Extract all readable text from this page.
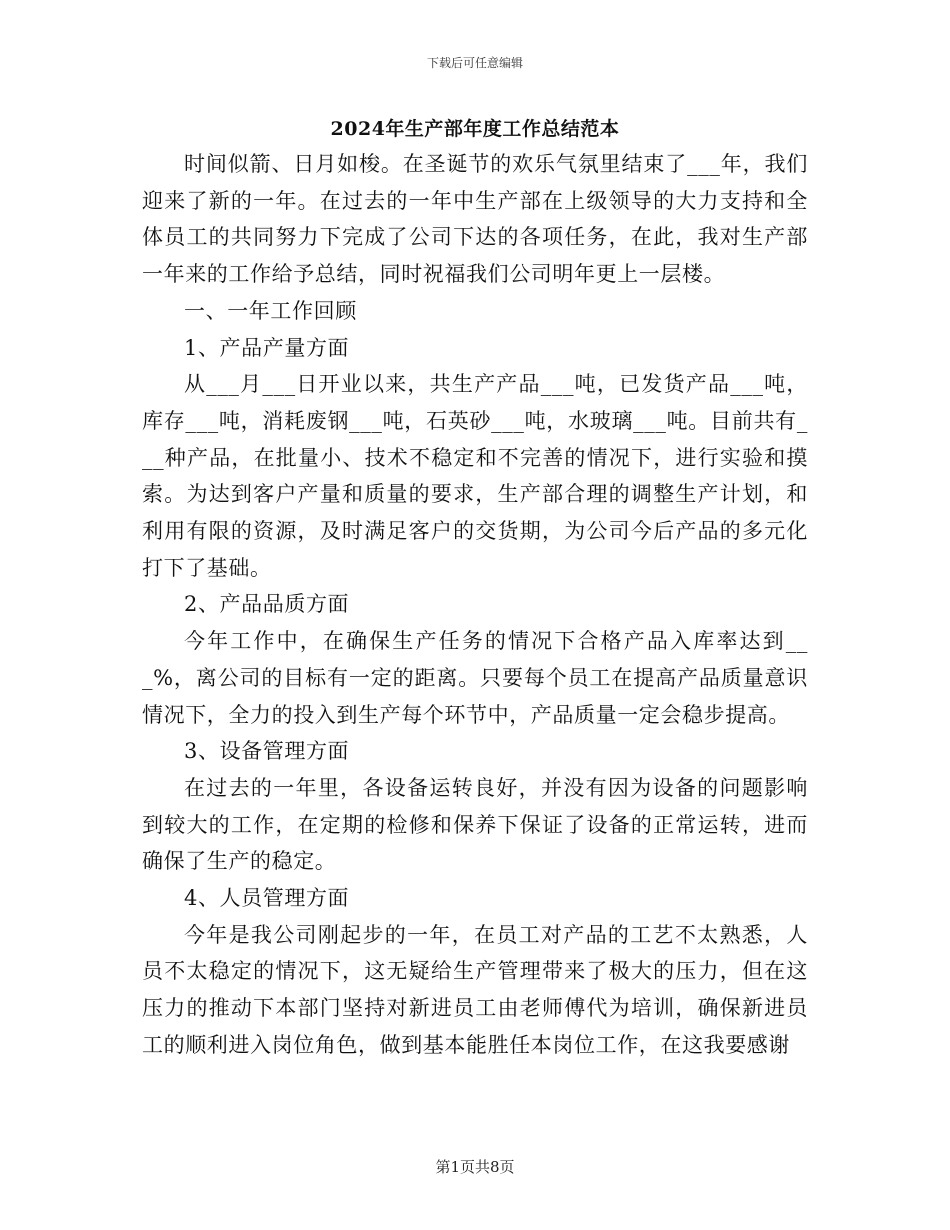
下载后可任意编辑
2024年生产部年度工作总结范本

时间似箭、日月如梭。在圣诞节的欢乐气氛里结束了___年，我们迎来了新的一年。在过去的一年中生产部在上级领导的大力支持和全体员工的共同努力下完成了公司下达的各项任务，在此，我对生产部一年来的工作给予总结，同时祝福我们公司明年更上一层楼。

一、一年工作回顾

1、产品产量方面

从___月___日开业以来，共生产产品___吨，已发货产品___吨，库存___吨，消耗废钢___吨，石英砂___吨，水玻璃___吨。目前共有___种产品，在批量小、技术不稳定和不完善的情况下，进行实验和摸索。为达到客户产量和质量的要求，生产部合理的调整生产计划，和利用有限的资源，及时满足客户的交货期，为公司今后产品的多元化打下了基础。

2、产品品质方面

今年工作中，在确保生产任务的情况下合格产品入库率达到___%，离公司的目标有一定的距离。只要每个员工在提高产品质量意识情况下，全力的投入到生产每个环节中，产品质量一定会稳步提高。

3、设备管理方面

在过去的一年里，各设备运转良好，并没有因为设备的问题影响到较大的工作，在定期的检修和保养下保证了设备的正常运转，进而确保了生产的稳定。

4、人员管理方面

今年是我公司刚起步的一年，在员工对产品的工艺不太熟悉，人员不太稳定的情况下，这无疑给生产管理带来了极大的压力，但在这压力的推动下本部门坚持对新进员工由老师傅代为培训，确保新进员工的顺利进入岗位角色，做到基本能胜任本岗位工作，在这我要感谢

第1页共8页
